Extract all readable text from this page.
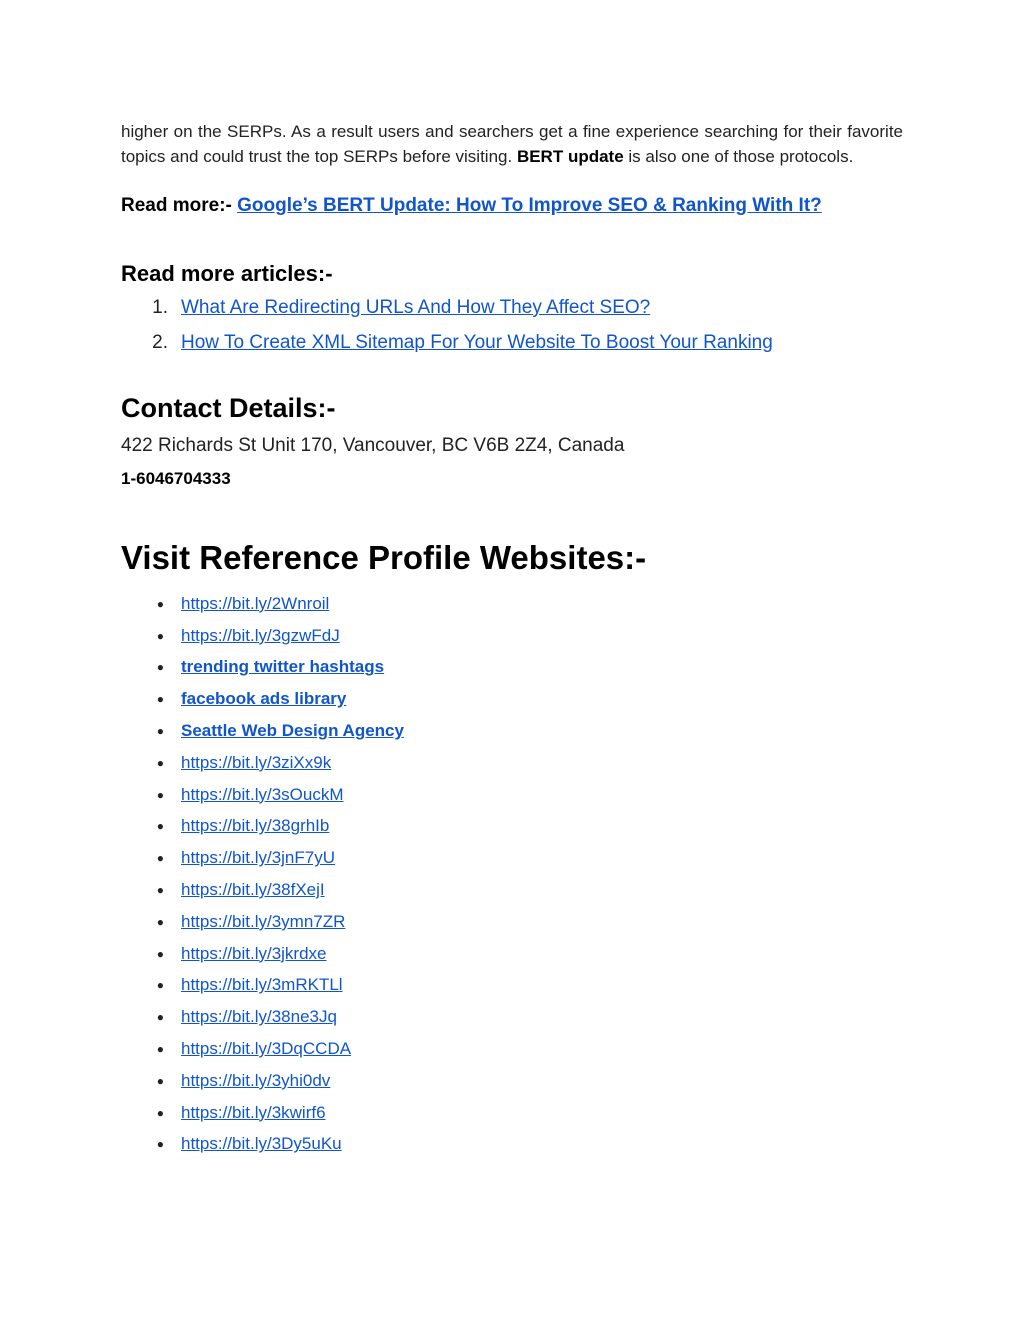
higher on the SERPs. As a result users and searchers get a fine experience searching for their favorite topics and could trust the top SERPs before visiting. BERT update is also one of those protocols.

Read more:- Google’s BERT Update: How To Improve SEO & Ranking With It?
Read more articles:-
1. What Are Redirecting URLs And How They Affect SEO?
2. How To Create XML Sitemap For Your Website To Boost Your Ranking
Contact Details:-

422 Richards St Unit 170, Vancouver, BC V6B 2Z4, Canada

1-6046704333

Visit Reference Profile Websites:-
●	https://bit.ly/2Wnroil
●	https://bit.ly/3gzwFdJ
●	trending twitter hashtags
●	facebook ads library
●	Seattle Web Design Agency
●	https://bit.ly/3ziXx9k
●	https://bit.ly/3sOuckM
●	https://bit.ly/38grhIb
●	https://bit.ly/3jnF7yU
●	https://bit.ly/38fXejI
●	https://bit.ly/3ymn7ZR
●	https://bit.ly/3jkrdxe
●	https://bit.ly/3mRKTLl
●	https://bit.ly/38ne3Jq
●	https://bit.ly/3DqCCDA
●	https://bit.ly/3yhi0dv
●	https://bit.ly/3kwirf6
●	https://bit.ly/3Dy5uKu
